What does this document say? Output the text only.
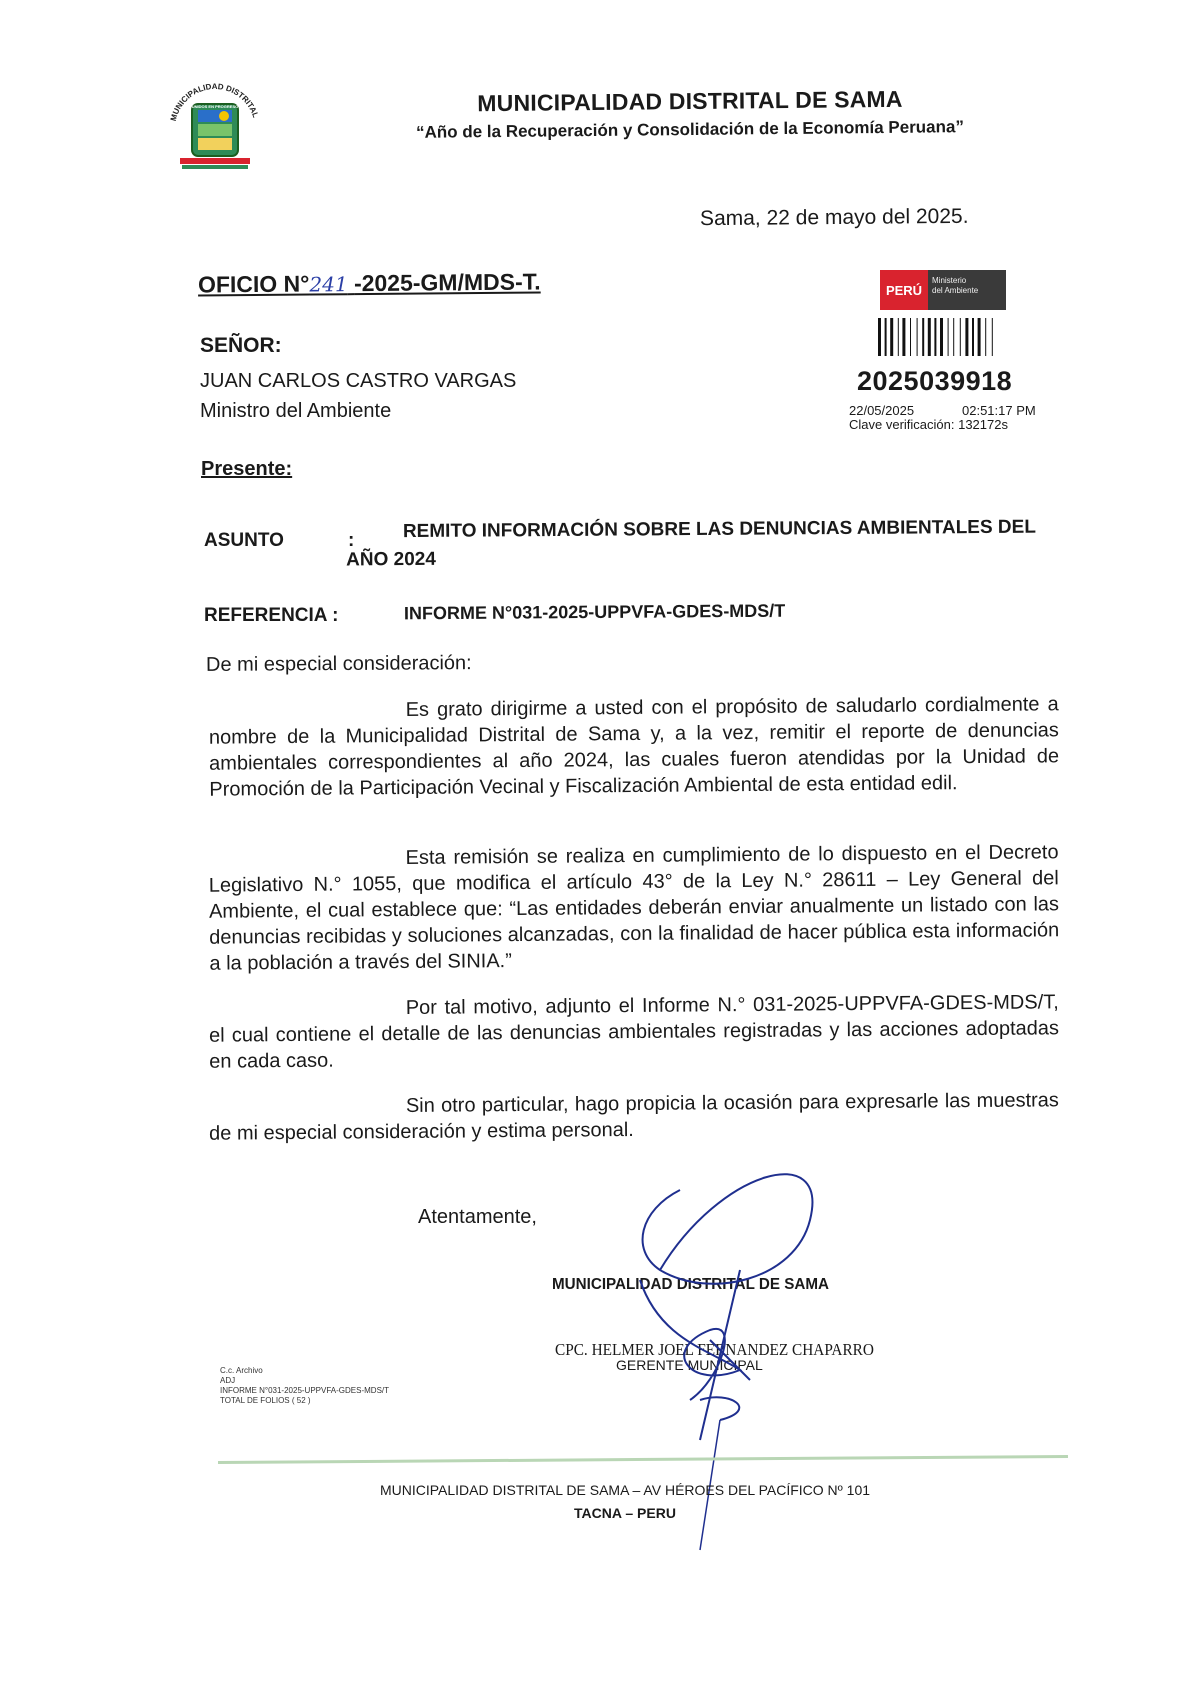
MUNICIPALIDAD DISTRITAL
UNIDOS EN PROGRESO	MUNICIPALIDAD DISTRITAL DE SAMA
“Año de la Recuperación y Consolidación de la Economía Peruana”
Sama, 22 de mayo del 2025.
OFICIO N°241 -2025-GM/MDS-T.
SEÑOR:
JUAN CARLOS CASTRO VARGAS
Ministro del Ambiente
Presente:
ASUNTO	:	REMITO INFORMACIÓN SOBRE LAS DENUNCIAS AMBIENTALES DEL AÑO 2024
REFERENCIA :	INFORME N°031-2025-UPPVFA-GDES-MDS/T
De mi especial consideración:
Es grato dirigirme a usted con el propósito de saludarlo cordialmente a nombre de la Municipalidad Distrital de Sama y, a la vez, remitir el reporte de denuncias ambientales correspondientes al año 2024, las cuales fueron atendidas por la Unidad de Promoción de la Participación Vecinal y Fiscalización Ambiental de esta entidad edil.
Esta remisión se realiza en cumplimiento de lo dispuesto en el Decreto Legislativo N.° 1055, que modifica el artículo 43° de la Ley N.° 28611 – Ley General del Ambiente, el cual establece que: “Las entidades deberán enviar anualmente un listado con las denuncias recibidas y soluciones alcanzadas, con la finalidad de hacer pública esta información a la población a través del SINIA.”
Por tal motivo, adjunto el Informe N.° 031-2025-UPPVFA-GDES-MDS/T, el cual contiene el detalle de las denuncias ambientales registradas y las acciones adoptadas en cada caso.
Sin otro particular, hago propicia la ocasión para expresarle las muestras de mi especial consideración y estima personal.
Atentamente,
MUNICIPALIDAD DISTRITAL DE SAMA
CPC. HELMER JOEL FERNANDEZ CHAPARRO
GERENTE MUNICIPAL
C.c. Archivo
ADJ
INFORME N°031-2025-UPPVFA-GDES-MDS/T
TOTAL DE FOLIOS ( 52 )
PERÚ
Ministerio
del Ambiente
2025039918
22/05/2025	02:51:17 PM
Clave verificación: 132172s
MUNICIPALIDAD DISTRITAL DE SAMA – AV HÉROES DEL PACÍFICO Nº 101
TACNA – PERU
